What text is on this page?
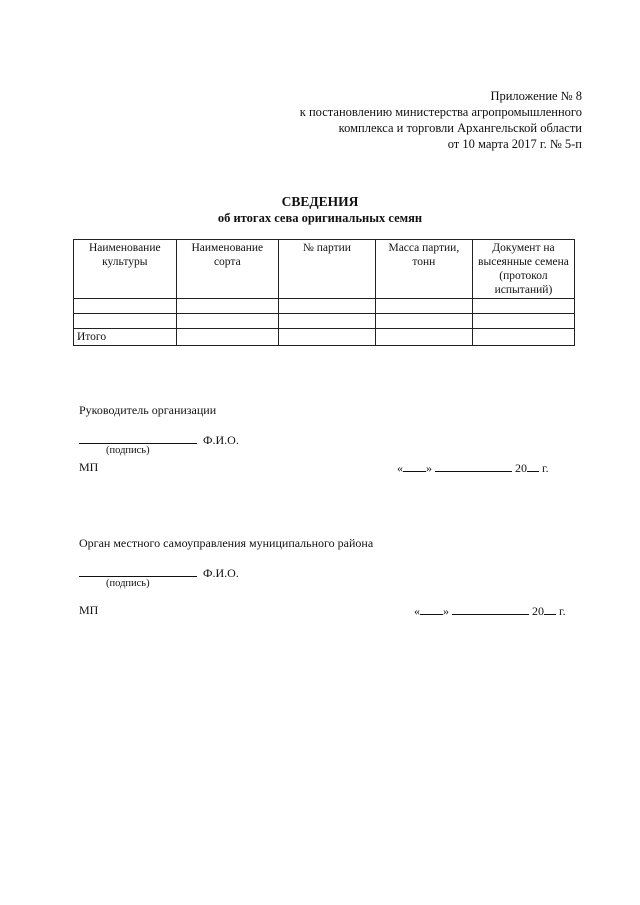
Приложение № 8
к постановлению министерства агропромышленного
комплекса и торговли Архангельской области
от 10 марта 2017 г. № 5-п
СВЕДЕНИЯ
об итогах сева оригинальных семян
Наименование культуры	Наименование сорта	№ партии	Масса партии, тонн	Документ на высеянные семена (протокол испытаний)

Итого				
Руководитель организации
Ф.И.О.
(подпись)
МП	« »	20 г.
Орган местного самоуправления муниципального района
Ф.И.О.
(подпись)
МП	« »	20 г.
